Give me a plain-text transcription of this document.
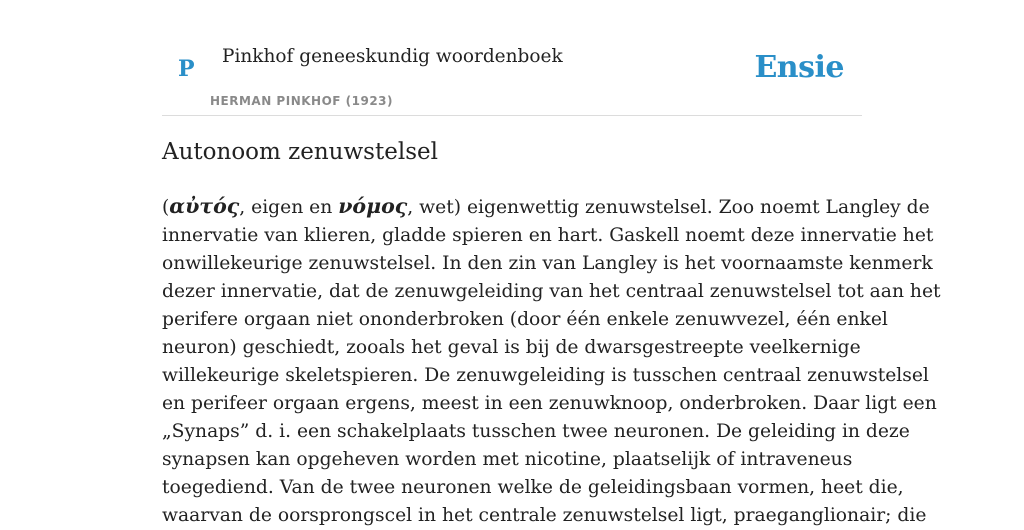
P Pinkhof geneeskundig woordenboek
HERMAN PINKHOF (1923)
Ensie
Autonoom zenuwstelsel
(αὐτός, eigen en νόμος, wet) eigenwettig zenuwstelsel. Zoo noemt Langley de
innervatie van klieren, gladde spieren en hart. Gaskell noemt deze innervatie het
onwillekeurige zenuwstelsel. In den zin van Langley is het voornaamste kenmerk
dezer innervatie, dat de zenuwgeleiding van het centraal zenuwstelsel tot aan het
perifere orgaan niet ononderbroken (door één enkele zenuwvezel, één enkel
neuron) geschiedt, zooals het geval is bij de dwarsgestreepte veelkernige
willekeurige skeletspieren. De zenuwgeleiding is tusschen centraal zenuwstelsel
en perifeer orgaan ergens, meest in een zenuwknoop, onderbroken. Daar ligt een
„Synaps” d. i. een schakelplaats tusschen twee neuronen. De geleiding in deze
synapsen kan opgeheven worden met nicotine, plaatselijk of intraveneus
toegediend. Van de twee neuronen welke de geleidingsbaan vormen, heet die,
waarvan de oorsprongscel in het centrale zenuwstelsel ligt, praeganglionair; die
